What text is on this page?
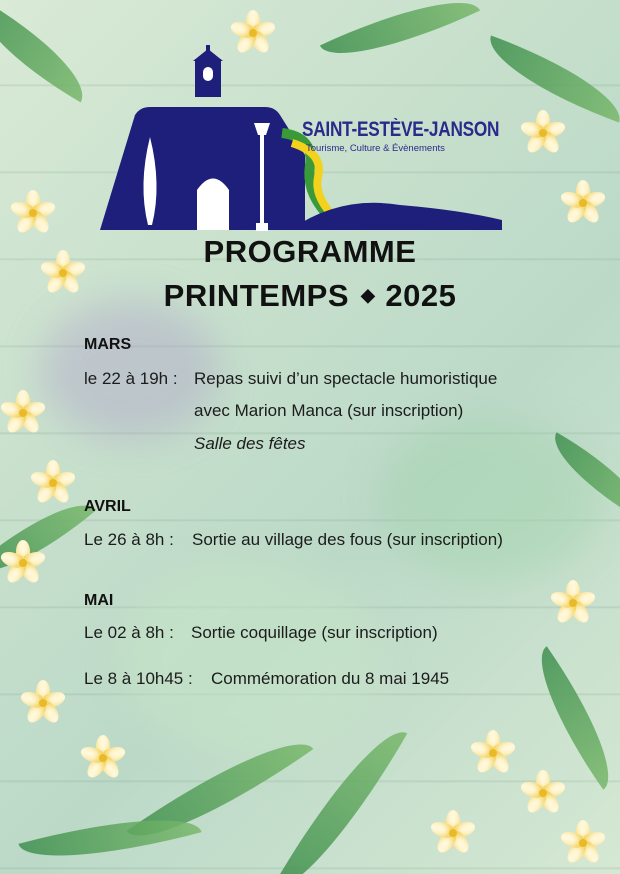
SAINT-ESTÈVE-JANSON
Tourisme, Culture & Évènements
PROGRAMME
PRINTEMPS ◆ 2025
MARS
le 22 à 19h : Repas suivi d’un spectacle humoristique
avec Marion Manca (sur inscription)
Salle des fêtes
AVRIL
Le 26 à 8h : Sortie au village des fous (sur inscription)
MAI
Le 02 à 8h : Sortie coquillage (sur inscription)
Le 8 à 10h45 : Commémoration du 8 mai 1945
